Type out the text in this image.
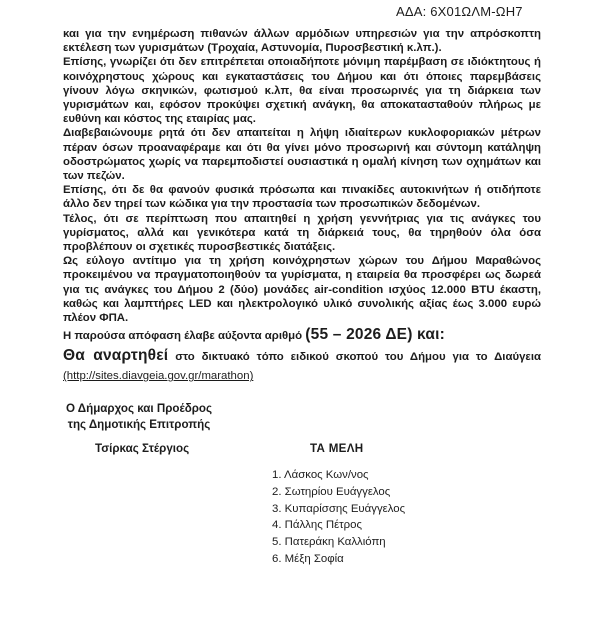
ΑΔΑ: 6Χ01ΩΛΜ-ΩΗ7

και για την ενημέρωση πιθανών άλλων αρμόδιων υπηρεσιών για την απρόσκοπτη εκτέλεση των γυρισμάτων (Τροχαία, Αστυνομία, Πυροσβεστική κ.λπ.).

Επίσης, γνωρίζει ότι δεν επιτρέπεται οποιαδήποτε μόνιμη παρέμβαση σε ιδιόκτητους ή κοινόχρηστους χώρους και εγκαταστάσεις του Δήμου και ότι όποιες παρεμβάσεις γίνουν λόγω σκηνικών, φωτισμού κ.λπ, θα είναι προσωρινές για τη διάρκεια των γυρισμάτων και, εφόσον προκύψει σχετική ανάγκη, θα αποκατασταθούν πλήρως με ευθύνη και κόστος της εταιρίας μας.

Διαβεβαιώνουμε ρητά ότι δεν απαιτείται η λήψη ιδιαίτερων κυκλοφοριακών μέτρων πέραν όσων προαναφέραμε και ότι θα γίνει μόνο προσωρινή και σύντομη κατάληψη οδοστρώματος χωρίς να παρεμποδιστεί ουσιαστικά η ομαλή κίνηση των οχημάτων και των πεζών.

Επίσης, ότι δε θα φανούν φυσικά πρόσωπα και πινακίδες αυτοκινήτων ή οτιδήποτε άλλο δεν τηρεί των κώδικα για την προστασία των προσωπικών δεδομένων.

Τέλος, ότι σε περίπτωση που απαιτηθεί η χρήση γεννήτριας για τις ανάγκες του γυρίσματος, αλλά και γενικότερα κατά τη διάρκειά τους, θα τηρηθούν όλα όσα προβλέπουν οι σχετικές πυροσβεστικές διατάξεις.

Ως εύλογο αντίτιμο για τη χρήση κοινόχρηστων χώρων του Δήμου Μαραθώνος προκειμένου να πραγματοποιηθούν τα γυρίσματα, η εταιρεία θα προσφέρει ως δωρεά για τις ανάγκες του Δήμου 2 (δύο) μονάδες air-condition ισχύος 12.000 BTU έκαστη, καθώς και λαμπτήρες LED και ηλεκτρολογικό υλικό συνολικής αξίας έως 3.000 ευρώ πλέον ΦΠΑ.

Η παρούσα απόφαση έλαβε αύξοντα αριθμό (55 – 2026 ΔΕ) και:

Θα αναρτηθεί στο δικτυακό τόπο ειδικού σκοπού του Δήμου για το Διαύγεια (http://sites.diavgeia.gov.gr/marathon)

Ο Δήμαρχος και Προέδρος
της Δημοτικής Επιτροπής
Τσίρκας Στέργιος	ΤΑ ΜΕΛΗ
1. Λάσκος Κων/νος
2. Σωτηρίου Ευάγγελος
3. Κυπαρίσσης Ευάγγελος
4. Πάλλης Πέτρος
5. Πατεράκη Καλλιόπη
6. Μέξη Σοφία
